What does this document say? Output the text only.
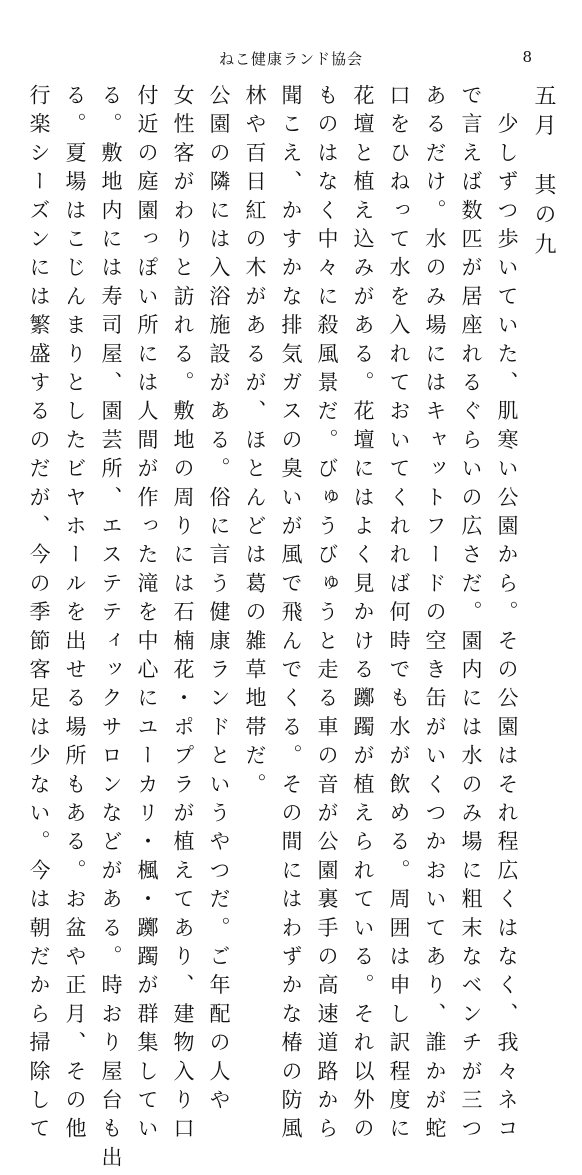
ねこ健康ランド協会	8
五月　其の九
　少しずつ歩いていた、肌寒い公園から。その公園はそれ程広くはなく、我々ネコ
で言えば数匹が居座れるぐらいの広さだ。園内には水のみ場に粗末なベンチが三つ
あるだけ。水のみ場にはキャットフードの空き缶がいくつかおいてあり、誰かが蛇
口をひねって水を入れておいてくれれば何時でも水が飲める。周囲は申し訳程度に
花壇と植え込みがある。花壇にはよく見かける躑躅が植えられている。それ以外の
ものはなく中々に殺風景だ。びゅうびゅうと走る車の音が公園裏手の高速道路から
聞こえ、かすかな排気ガスの臭いが風で飛んでくる。その間にはわずかな椿の防風
林や百日紅の木があるが、ほとんどは葛の雑草地帯だ。
公園の隣には入浴施設がある。俗に言う健康ランドというやつだ。ご年配の人や
女性客がわりと訪れる。敷地の周りには石楠花・ポプラが植えてあり、建物入り口
付近の庭園っぽい所には人間が作った滝を中心にユーカリ・楓・躑躅が群集してい
る。敷地内には寿司屋、園芸所、エステティックサロンなどがある。時おり屋台も出
る。夏場はこじんまりとしたビヤホールを出せる場所もある。お盆や正月、その他
行楽シーズンには繁盛するのだが、今の季節客足は少ない。今は朝だから掃除して
